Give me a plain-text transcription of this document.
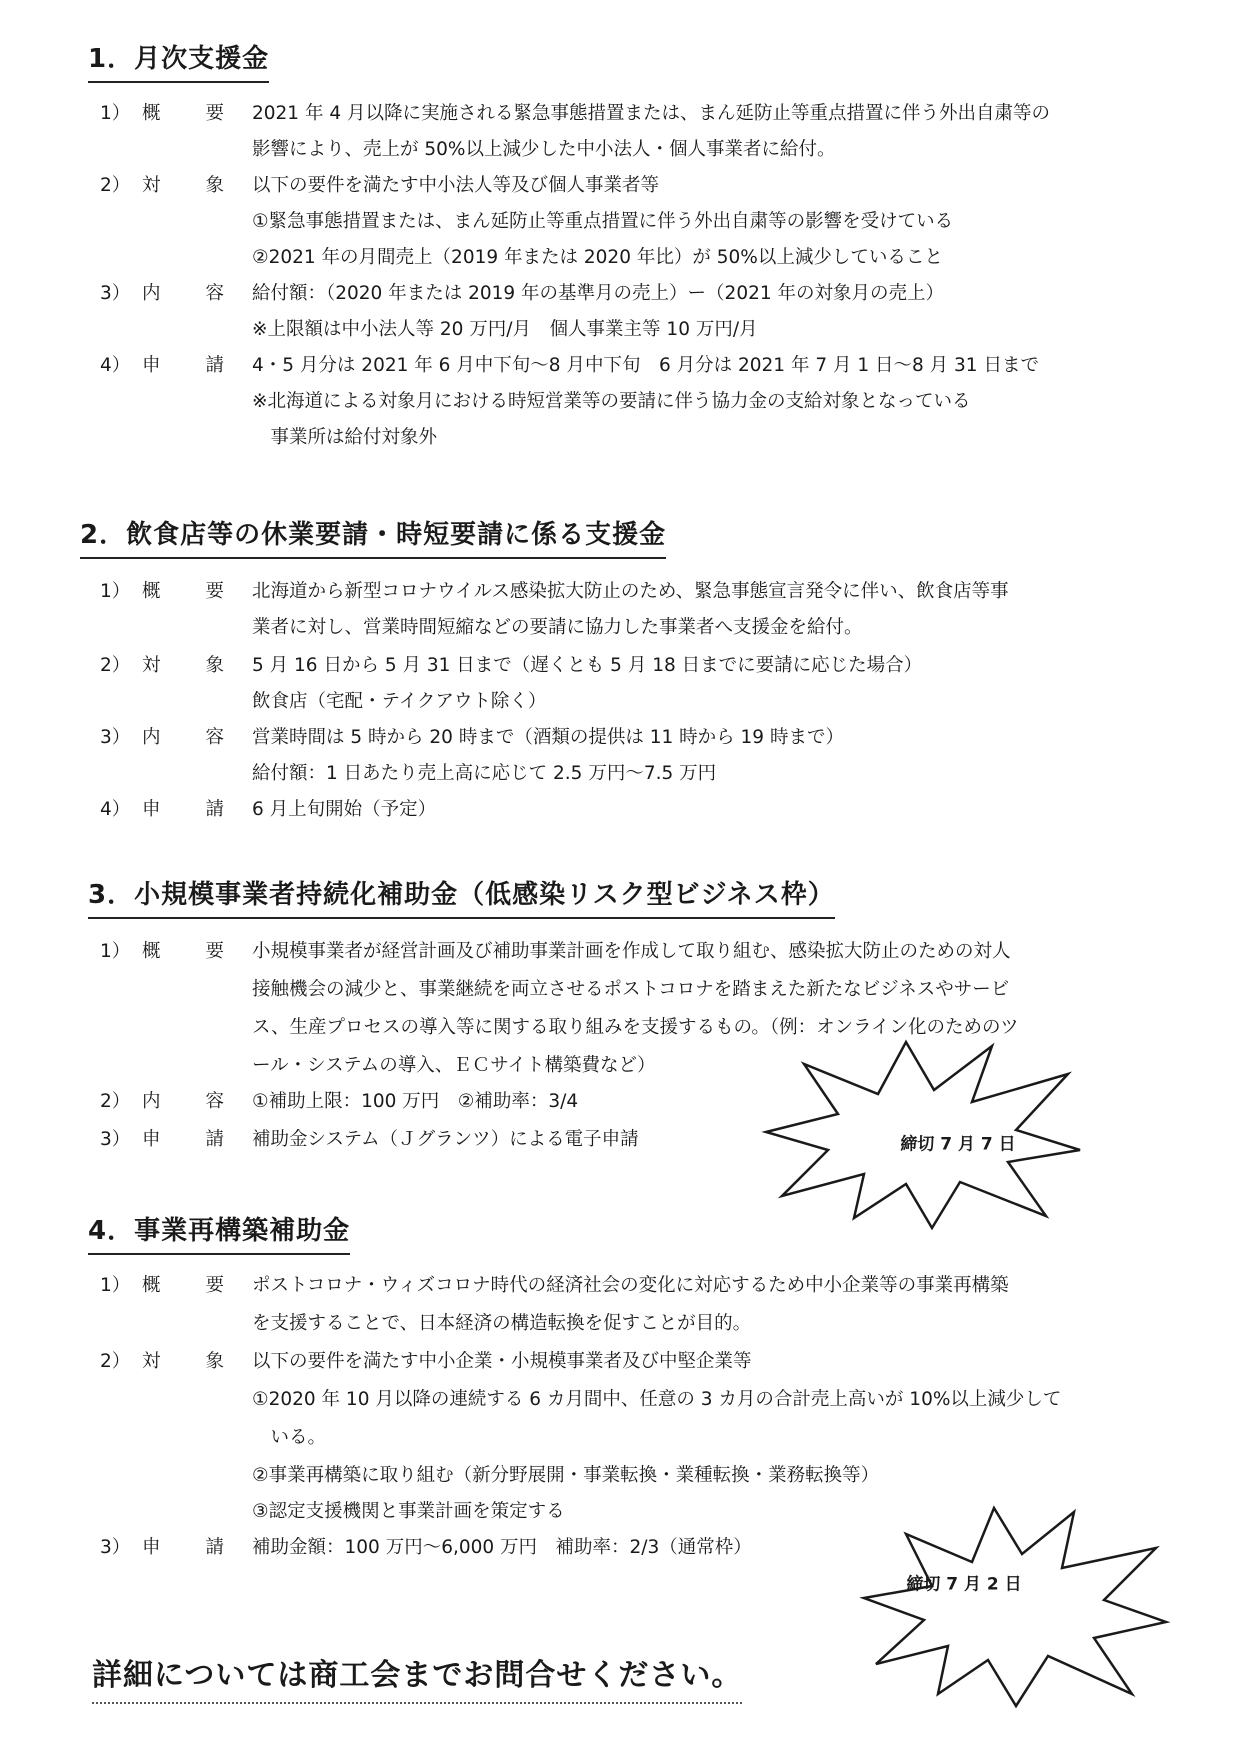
1．月次支援金
1） 概	要 2021 年 4 月以降に実施される緊急事態措置または、まん延防止等重点措置に伴う外出自粛等の
影響により、売上が 50%以上減少した中小法人・個人事業者に給付。
2） 対	象 以下の要件を満たす中小法人等及び個人事業者等
①緊急事態措置または、まん延防止等重点措置に伴う外出自粛等の影響を受けている
②2021 年の月間売上（2019 年または 2020 年比）が 50%以上減少していること
3） 内	容 給付額：（2020 年または 2019 年の基準月の売上）ー（2021 年の対象月の売上）
※上限額は中小法人等 20 万円/月　個人事業主等 10 万円/月
4） 申	請 4・5 月分は 2021 年 6 月中下旬～8 月中下旬　6 月分は 2021 年 7 月 1 日～8 月 31 日まで
※北海道による対象月における時短営業等の要請に伴う協力金の支給対象となっている
　事業所は給付対象外
2．飲食店等の休業要請・時短要請に係る支援金
1） 概	要 北海道から新型コロナウイルス感染拡大防止のため、緊急事態宣言発令に伴い、飲食店等事
業者に対し、営業時間短縮などの要請に協力した事業者へ支援金を給付。
2） 対	象 5 月 16 日から 5 月 31 日まで（遅くとも 5 月 18 日までに要請に応じた場合）
飲食店（宅配・テイクアウト除く）
3） 内	容 営業時間は 5 時から 20 時まで（酒類の提供は 11 時から 19 時まで）
給付額：1 日あたり売上高に応じて 2.5 万円～7.5 万円
4） 申	請 6 月上旬開始（予定）
3．小規模事業者持続化補助金（低感染リスク型ビジネス枠）
1） 概	要 小規模事業者が経営計画及び補助事業計画を作成して取り組む、感染拡大防止のための対人
接触機会の減少と、事業継続を両立させるポストコロナを踏まえた新たなビジネスやサービ
ス、生産プロセスの導入等に関する取り組みを支援するもの。（例：オンライン化のためのツ
ール・システムの導入、ＥＣサイト構築費など）
2） 内	容 ①補助上限：100 万円　②補助率：3/4
3） 申	請 補助金システム（Ｊグランツ）による電子申請	締切 7 月 7 日
4．事業再構築補助金
1） 概	要 ポストコロナ・ウィズコロナ時代の経済社会の変化に対応するため中小企業等の事業再構築
を支援することで、日本経済の構造転換を促すことが目的。
2） 対	象 以下の要件を満たす中小企業・小規模事業者及び中堅企業等
①2020 年 10 月以降の連続する 6 カ月間中、任意の 3 カ月の合計売上高いが 10%以上減少して
　いる。
②事業再構築に取り組む（新分野展開・事業転換・業種転換・業務転換等）
③認定支援機関と事業計画を策定する
3） 申	請 補助金額：100 万円～6,000 万円　補助率：2/3（通常枠）
締切 7 月 2 日
詳細については商工会までお問合せください。
